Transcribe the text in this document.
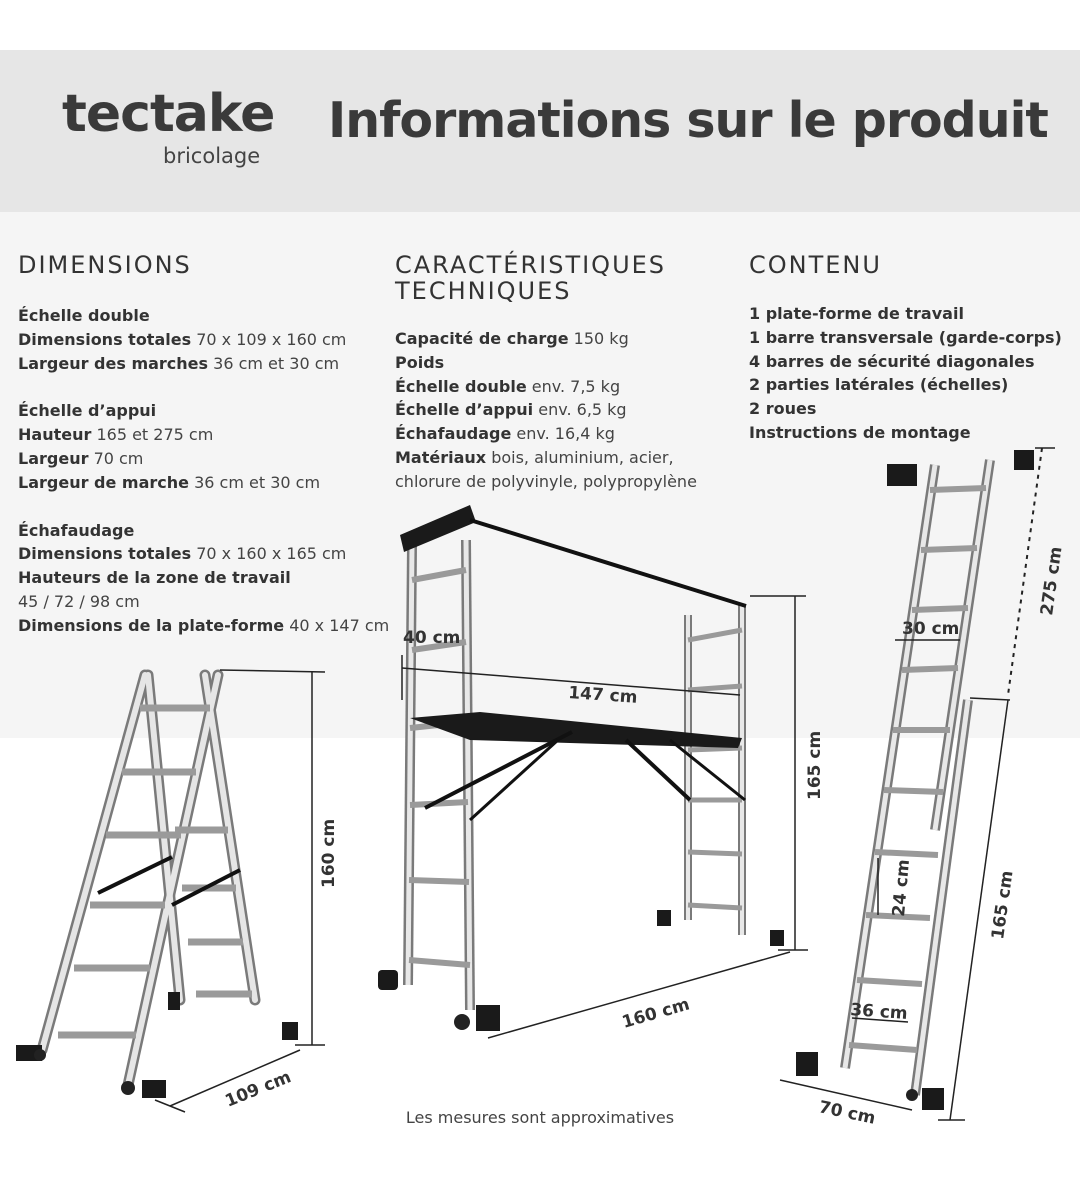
tectake
bricolage
Informations sur le produit
DIMENSIONS

Échelle double

Dimensions totales 70 x 109 x 160 cm

Largeur des marches 36 cm et 30 cm

Échelle d’appui

Hauteur 165 et 275 cm

Largeur 70 cm

Largeur de marche 36 cm et 30 cm

Échafaudage

Dimensions totales 70 x 160 x 165 cm

Hauteurs de la zone de travail

45 / 72 / 98 cm

Dimensions de la plate-forme 40 x 147 cm

CARACTÉRISTIQUES
TECHNIQUES

Capacité de charge 150 kg

Poids

Échelle double env. 7,5 kg

Échelle d’appui env. 6,5 kg

Échafaudage env. 16,4 kg

Matériaux bois, aluminium, acier,

chlorure de polyvinyle, polypropylène

CONTENU

1 plate-forme de travail

1 barre transversale (garde-corps)

4 barres de sécurité diagonales

2 parties latérales (échelles)

2 roues

Instructions de montage

160 cm
109 cm
40 cm
147 cm
165 cm
160 cm
275 cm
30 cm
24 cm
36 cm
165 cm
70 cm
Les mesures sont approximatives
